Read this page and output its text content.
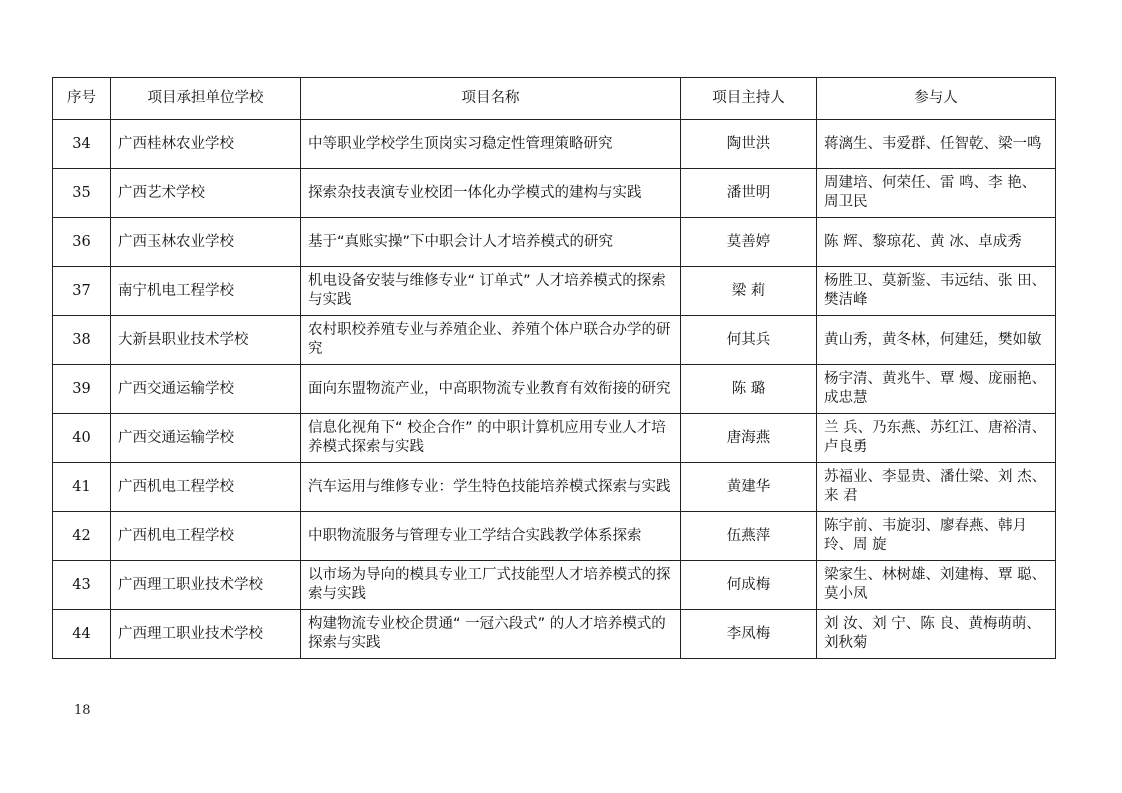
序号	项目承担单位学校	项目名称	项目主持人	参与人
34	广西桂林农业学校	中等职业学校学生顶岗实习稳定性管理策略研究	陶世洪	蒋漓生、韦爱群、任智乾、梁一鸣
35	广西艺术学校	探索杂技表演专业校团一体化办学模式的建构与实践	潘世明	周建培、何荣任、雷 鸣、李 艳、周卫民
36	广西玉林农业学校	基于“真账实操”下中职会计人才培养模式的研究	莫善婷	陈 辉、黎琼花、黄 冰、卓成秀
37	南宁机电工程学校	机电设备安装与维修专业“ 订单式” 人才培养模式的探索与实践	梁 莉	杨胜卫、莫新鉴、韦远结、张 田、樊洁峰
38	大新县职业技术学校	农村职校养殖专业与养殖企业、养殖个体户联合办学的研究	何其兵	黄山秀，黄冬林，何建廷，樊如敏
39	广西交通运输学校	面向东盟物流产业，中高职物流专业教育有效衔接的研究	陈 璐	杨宇清、黄兆牛、覃 熳、庞丽艳、成忠慧
40	广西交通运输学校	信息化视角下“ 校企合作” 的中职计算机应用专业人才培养模式探索与实践	唐海燕	兰 兵、乃东燕、苏红江、唐裕清、卢良勇
41	广西机电工程学校	汽车运用与维修专业：学生特色技能培养模式探索与实践	黄建华	苏福业、李显贵、潘仕梁、刘 杰、来 君
42	广西机电工程学校	中职物流服务与管理专业工学结合实践教学体系探索	伍燕萍	陈宇前、韦旋羽、廖春燕、韩月玲、周 旋
43	广西理工职业技术学校	以市场为导向的模具专业工厂式技能型人才培养模式的探索与实践	何成梅	梁家生、林树雄、刘建梅、覃 聪、莫小凤
44	广西理工职业技术学校	构建物流专业校企贯通“ 一冠六段式” 的人才培养模式的探索与实践	李凤梅	刘 汝、刘 宁、陈 良、黄梅萌萌、刘秋菊
18
